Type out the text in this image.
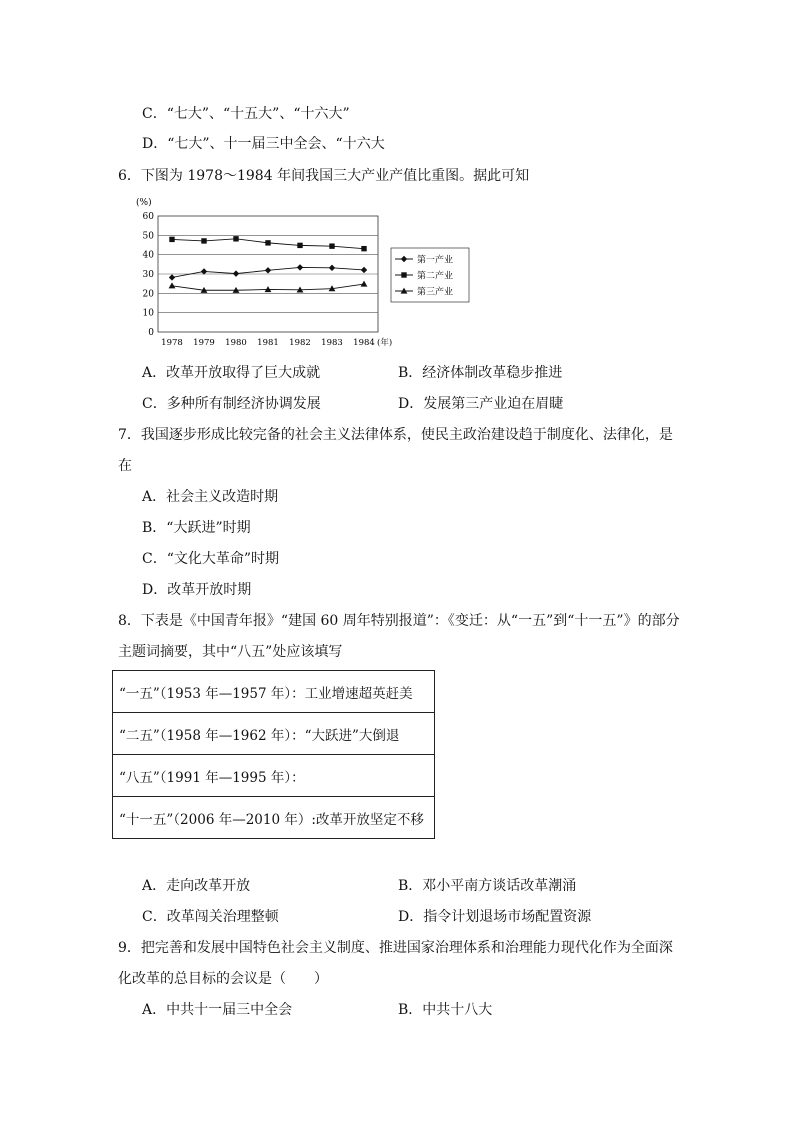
C．“七大”、“十五大”、“十六大”
D．“七大”、十一届三中全会、“十六大
6．下图为 1978～1984 年间我国三大产业产值比重图。据此可知
(%)
0
10
20
30
40
50
60
1978 1979 1980 1981 1982 1983 1984 (年)
第一产业
第二产业
第三产业
A．改革开放取得了巨大成就	B．经济体制改革稳步推进
C．多种所有制经济协调发展	D．发展第三产业迫在眉睫
7．我国逐步形成比较完备的社会主义法律体系，使民主政治建设趋于制度化、法律化，是
在
A．社会主义改造时期
B．“大跃进”时期
C．“文化大革命”时期
D．改革开放时期
8．下表是《中国青年报》“建国 60 周年特别报道”：《变迁：从“一五”到“十一五”》的部分
主题词摘要，其中“八五”处应该填写
“一五”（1953 年—1957 年）：工业增速超英赶美
“二五”（1958 年—1962 年）：“大跃进”大倒退
“八五”（1991 年—1995 年）：
“十一五”（2006 年—2010 年）:改革开放坚定不移
A．走向改革开放	B．邓小平南方谈话改革潮涌
C．改革闯关治理整顿	D．指令计划退场市场配置资源
9．把完善和发展中国特色社会主义制度、推进国家治理体系和治理能力现代化作为全面深
化改革的总目标的会议是（　　）
A．中共十一届三中全会	B．中共十八大
